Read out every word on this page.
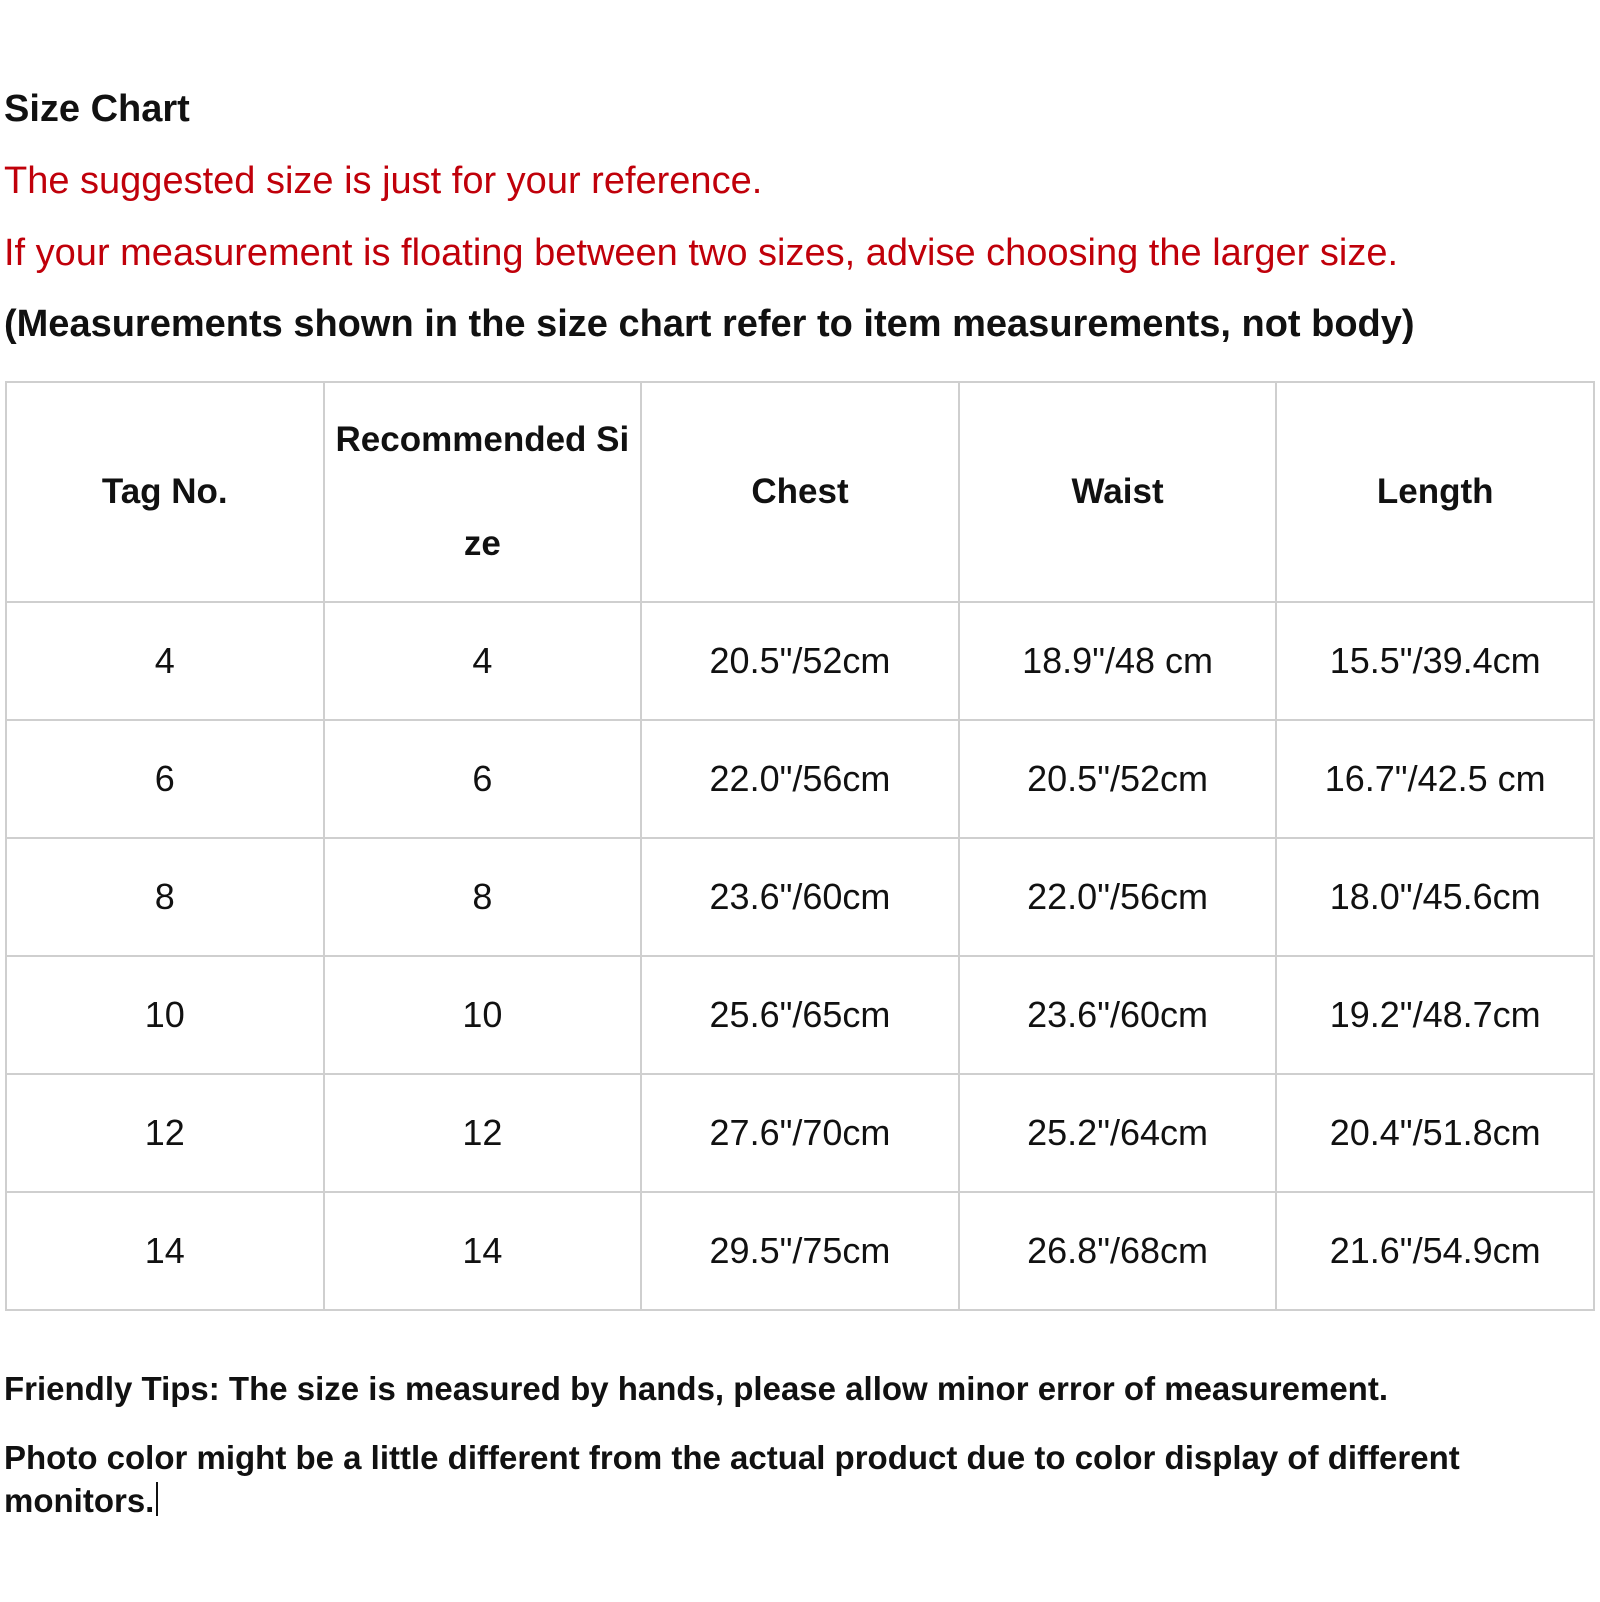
Size Chart
The suggested size is just for your reference.
If your measurement is floating between two sizes, advise choosing the larger size.
(Measurements shown in the size chart refer to item measurements, not body)
Tag No.	Recommended Size	Chest	Waist	Length
4	4	20.5"/52cm	18.9"/48 cm	15.5"/39.4cm
6	6	22.0"/56cm	20.5"/52cm	16.7"/42.5 cm
8	8	23.6"/60cm	22.0"/56cm	18.0"/45.6cm
10	10	25.6"/65cm	23.6"/60cm	19.2"/48.7cm
12	12	27.6"/70cm	25.2"/64cm	20.4"/51.8cm
14	14	29.5"/75cm	26.8"/68cm	21.6"/54.9cm
Friendly Tips: The size is measured by hands, please allow minor error of measurement.
Photo color might be a little different from the actual product due to color display of different monitors.
